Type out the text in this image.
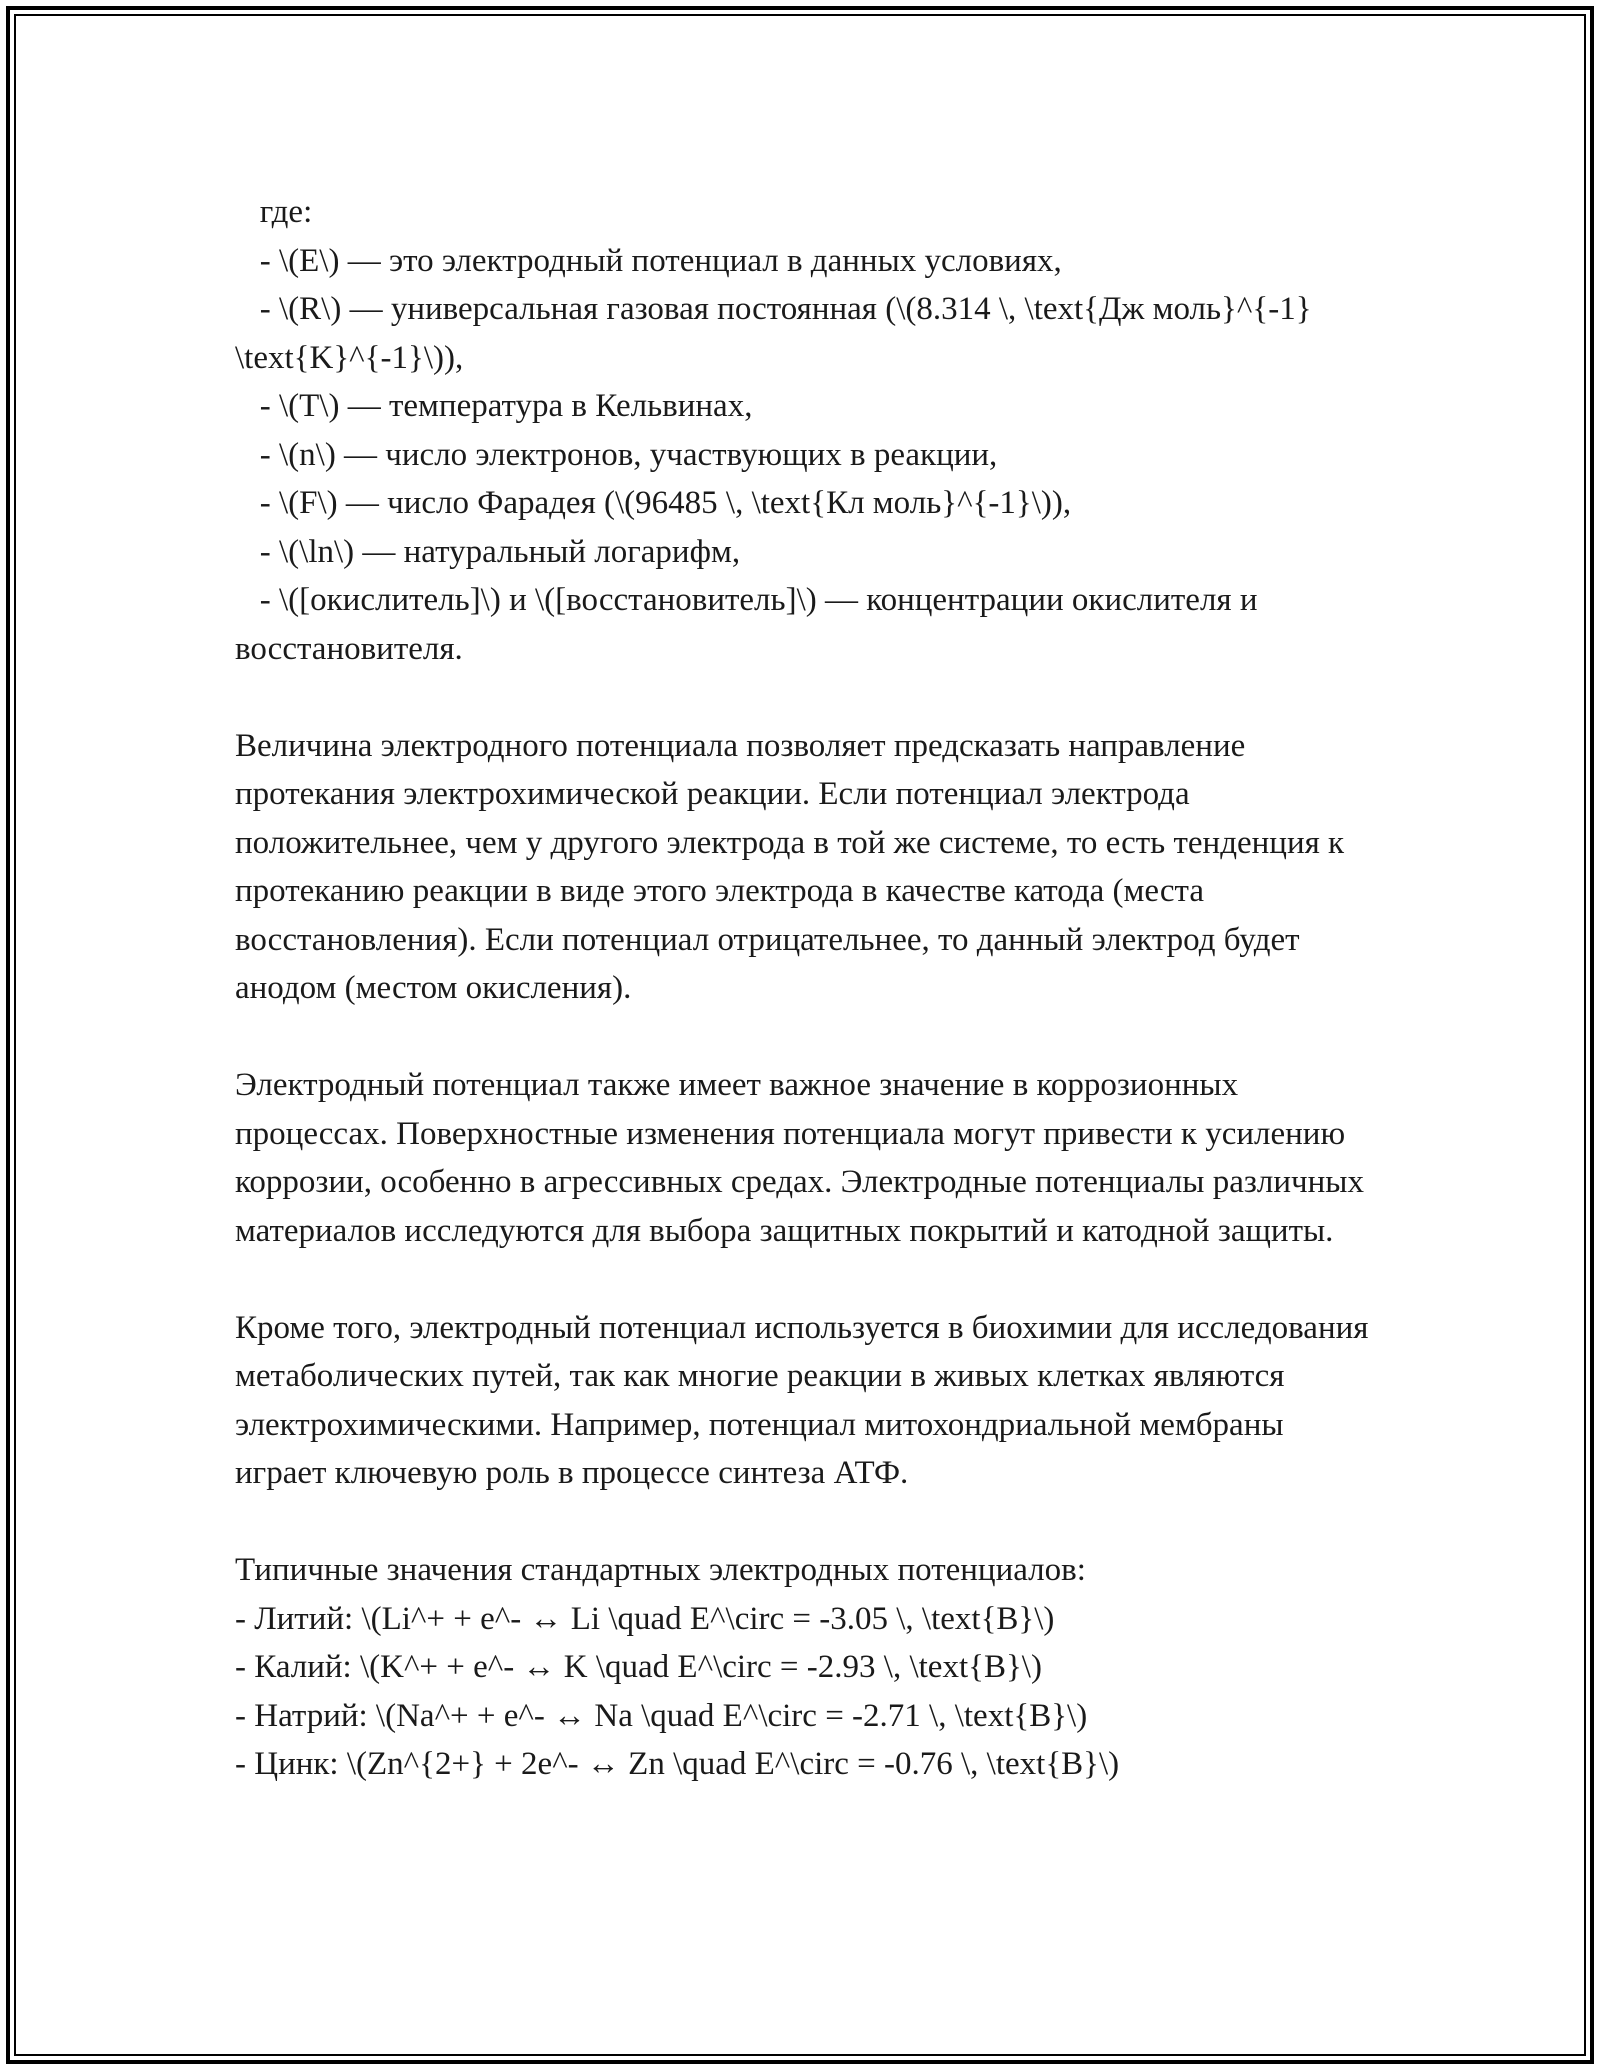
где:

- \(E\) — это электродный потенциал в данных условиях,

- \(R\) — универсальная газовая постоянная (\(8.314 \, \text{Дж моль}^{-1} \text{K}^{-1}\)),

- \(T\) — температура в Кельвинах,

- \(n\) — число электронов, участвующих в реакции,

- \(F\) — число Фарадея (\(96485 \, \text{Кл моль}^{-1}\)),

- \(\ln\) — натуральный логарифм,

- \([окислитель]\) и \([восстановитель]\) — концентрации окислителя и восстановителя.

Величина электродного потенциала позволяет предсказать направление протекания электрохимической реакции. Если потенциал электрода положительнее, чем у другого электрода в той же системе, то есть тенденция к протеканию реакции в виде этого электрода в качестве катода (места восстановления). Если потенциал отрицательнее, то данный электрод будет анодом (местом окисления).

Электродный потенциал также имеет важное значение в коррозионных процессах. Поверхностные изменения потенциала могут привести к усилению коррозии, особенно в агрессивных средах. Электродные потенциалы различных материалов исследуются для выбора защитных покрытий и катодной защиты.

Кроме того, электродный потенциал используется в биохимии для исследования метаболических путей, так как многие реакции в живых клетках являются электрохимическими. Например, потенциал митохондриальной мембраны играет ключевую роль в процессе синтеза АТФ.

Типичные значения стандартных электродных потенциалов:

- Литий: \(Li^+ + e^- ↔ Li \quad E^\circ = -3.05 \, \text{B}\)

- Калий: \(K^+ + e^- ↔ K \quad E^\circ = -2.93 \, \text{B}\)

- Натрий: \(Na^+ + e^- ↔ Na \quad E^\circ = -2.71 \, \text{B}\)

- Цинк: \(Zn^{2+} + 2e^- ↔ Zn \quad E^\circ = -0.76 \, \text{B}\)
